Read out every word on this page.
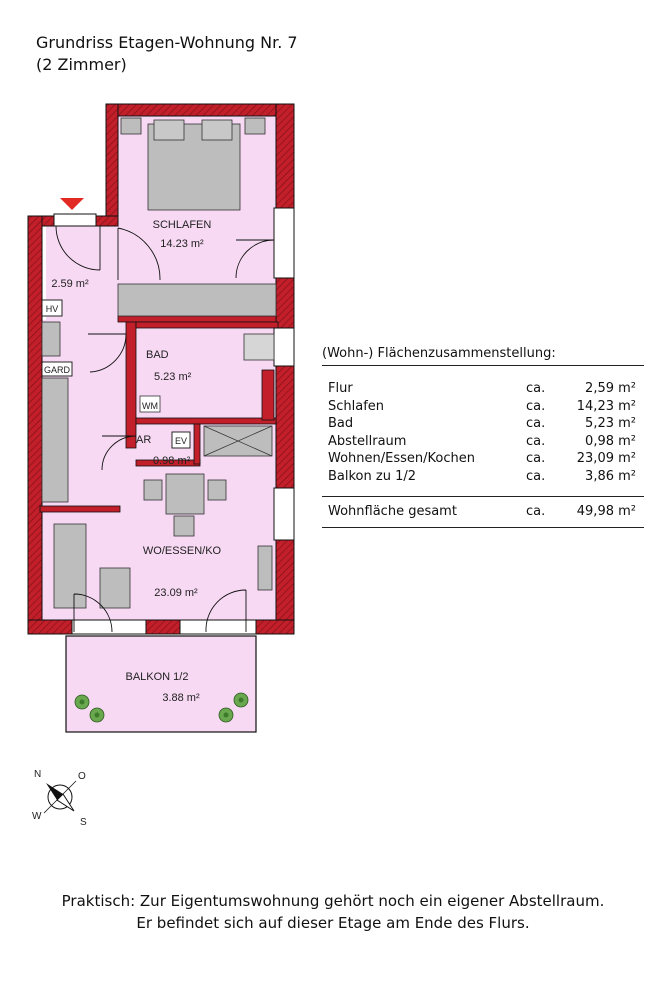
Grundriss Etagen-Wohnung Nr. 7
(2 Zimmer)
HV
GARD
WM
EV
SCHLAFEN
14.23 m²
2.59 m²
BAD
5.23 m²
AR
0.98 m²
WO/ESSEN/KO
23.09 m²
BALKON 1/2
3.88 m²
N	O
S
W
(Wohn-) Flächenzusammenstellung:
Flur	ca.	2,59 m²
Schlafen	ca. 14,23 m²
Bad	ca.	5,23 m²
Abstellraum	ca.	0,98 m²
Wohnen/Essen/Kochen	ca. 23,09 m²
Balkon zu 1/2	ca.	3,86 m²
Wohnfläche gesamt	ca. 49,98 m²
Praktisch: Zur Eigentumswohnung gehört noch ein eigener Abstellraum.
Er befindet sich auf dieser Etage am Ende des Flurs.
